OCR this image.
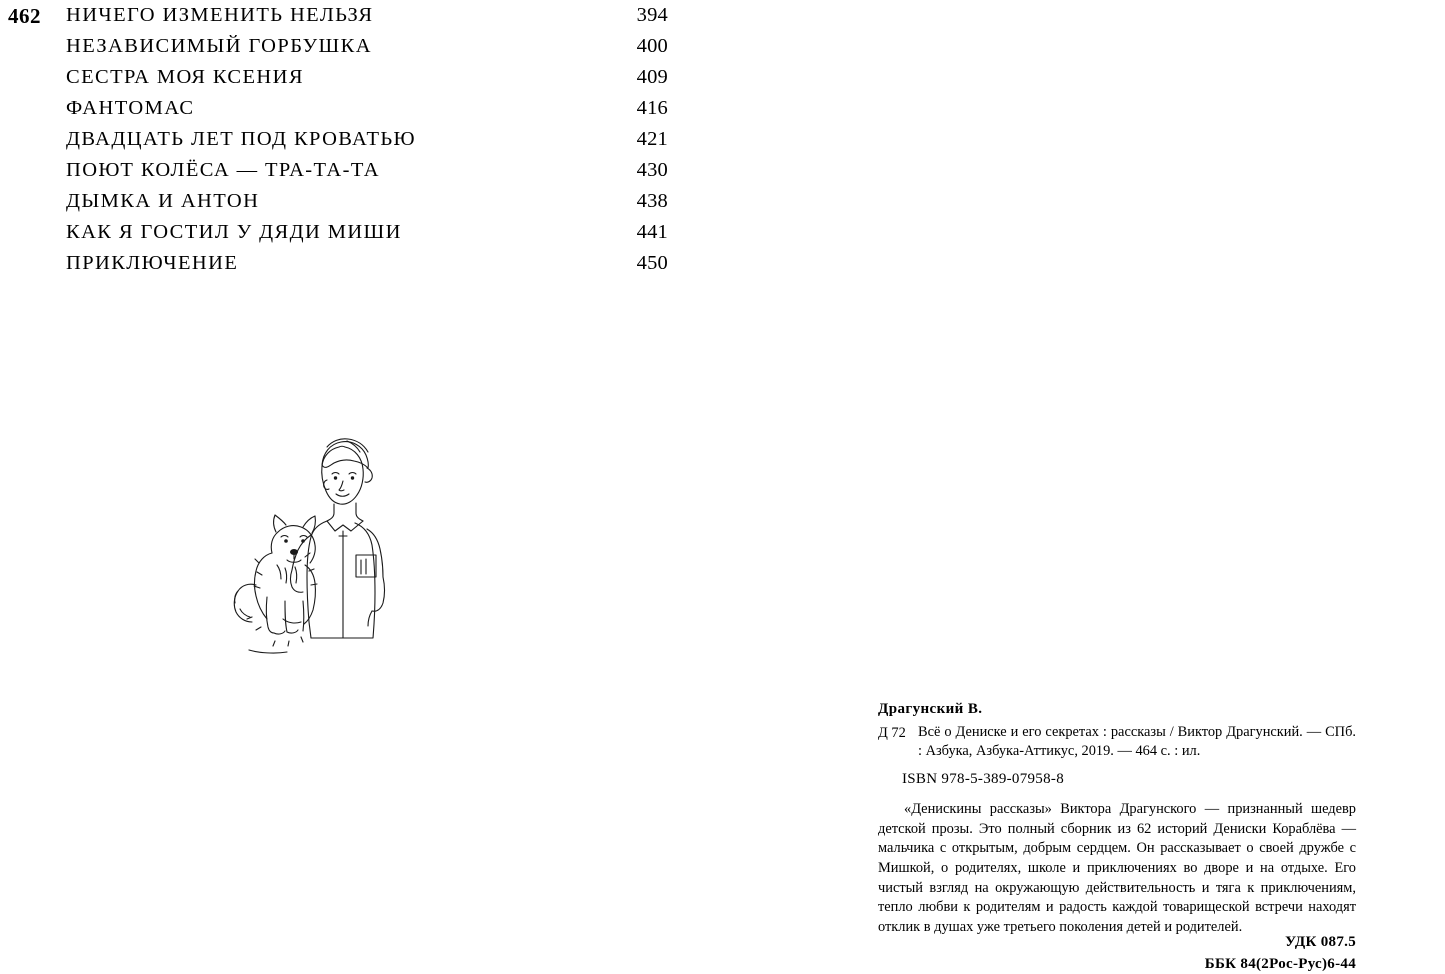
462 НИЧЕГО ИЗМЕНИТЬ НЕЛЬЗЯ .....	394
НЕЗАВИСИМЫЙ ГОРБУШКА .....	400
СЕСТРА МОЯ КСЕНИЯ .....	409
ФАНТОМАС .....	416
ДВАДЦАТЬ ЛЕТ ПОД КРОВАТЬЮ .....	421
ПОЮТ КОЛЁСА — ТРА-ТА-ТА .....	430
ДЫМКА И АНТОН .....	438
КАК Я ГОСТИЛ У ДЯДИ МИШИ .....	441
ПРИКЛЮЧЕНИЕ .....	450
Драгунский В.
Д 72 Всё о Дениске и его секретах : рассказы / Виктор Драгунский. — СПб. : Азбука, Азбука-Аттикус, 2019. — 464 с. : ил.
ISBN 978-5-389-07958-8
«Денискины рассказы» Виктора Драгунского — признанный шедевр детской прозы. Это полный сборник из 62 историй Дениски Кораблёва — мальчика с открытым, добрым сердцем. Он рассказывает о своей дружбе с Мишкой, о родителях, школе и приключениях во дворе и на отдыхе. Его чистый взгляд на окружающую действительность и тяга к приключениям, тепло любви к родителям и радость каждой товарищеской встречи находят отклик в душах уже третьего поколения детей и родителей.
УДК 087.5
ББК 84(2Рос-Рус)6-44
